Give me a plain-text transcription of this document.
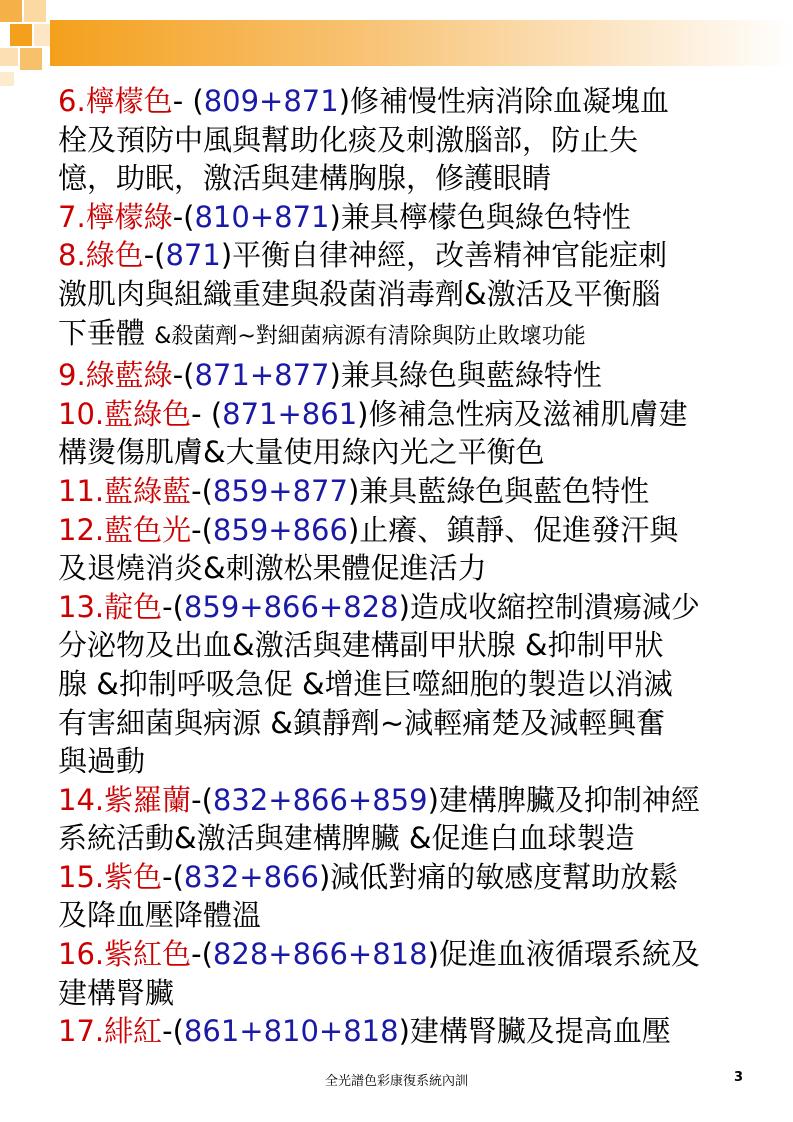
6.檸檬色- (809+871)修補慢性病消除血凝塊血
栓及預防中風與幫助化痰及刺激腦部，防止失
憶，助眠，激活與建構胸腺，修護眼睛
7.檸檬綠-(810+871)兼具檸檬色與綠色特性
8.綠色-(871)平衡自律神經，改善精神官能症刺
激肌肉與組織重建與殺菌消毒劑&激活及平衡腦
下垂體 &殺菌劑~對細菌病源有清除與防止敗壞功能
9.綠藍綠-(871+877)兼具綠色與藍綠特性
10.藍綠色- (871+861)修補急性病及滋補肌膚建
構燙傷肌膚&大量使用綠內光之平衡色
11.藍綠藍-(859+877)兼具藍綠色與藍色特性
12.藍色光-(859+866)止癢、鎮靜、促進發汗與
及退燒消炎&刺激松果體促進活力
13.靛色-(859+866+828)造成收縮控制潰瘍減少
分泌物及出血&激活與建構副甲狀腺 &抑制甲狀
腺 &抑制呼吸急促 &增進巨噬細胞的製造以消滅
有害細菌與病源 &鎮靜劑~減輕痛楚及減輕興奮
與過動
14.紫羅蘭-(832+866+859)建構脾臟及抑制神經
系統活動&激活與建構脾臟 &促進白血球製造
15.紫色-(832+866)減低對痛的敏感度幫助放鬆
及降血壓降體溫
16.紫紅色-(828+866+818)促進血液循環系統及
建構腎臟
17.緋紅-(861+810+818)建構腎臟及提高血壓
全光譜色彩康復系統內訓	3
